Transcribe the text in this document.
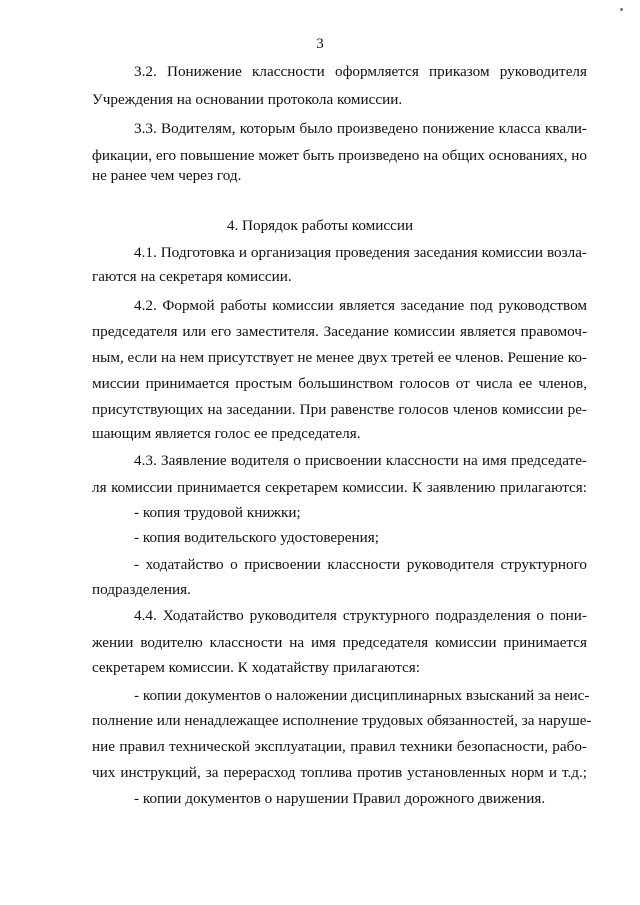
3
3.2. Понижение классности оформляется приказом руководителя
Учреждения на основании протокола комиссии.
3.3. Водителям, которым было произведено понижение класса квали-
фикации, его повышение может быть произведено на общих основаниях, но
не ранее чем через год.
4. Порядок работы комиссии
4.1. Подготовка и организация проведения заседания комиссии возла-
гаются на секретаря комиссии.
4.2. Формой работы комиссии является заседание под руководством
председателя или его заместителя. Заседание комиссии является правомоч-
ным, если на нем присутствует не менее двух третей ее членов. Решение ко-
миссии принимается простым большинством голосов от числа ее членов,
присутствующих на заседании. При равенстве голосов членов комиссии ре-
шающим является голос ее председателя.
4.3. Заявление водителя о присвоении классности на имя председате-
ля комиссии принимается секретарем комиссии. К заявлению прилагаются:
- копия трудовой книжки;
- копия водительского удостоверения;
- ходатайство о присвоении классности руководителя структурного
подразделения.
4.4. Ходатайство руководителя структурного подразделения о пони-
жении водителю классности на имя председателя комиссии принимается
секретарем комиссии. К ходатайству прилагаются:
- копии документов о наложении дисциплинарных взысканий за неис-
полнение или ненадлежащее исполнение трудовых обязанностей, за наруше-
ние правил технической эксплуатации, правил техники безопасности, рабо-
чих инструкций, за перерасход топлива против установленных норм и т.д.;
- копии документов о нарушении Правил дорожного движения.
